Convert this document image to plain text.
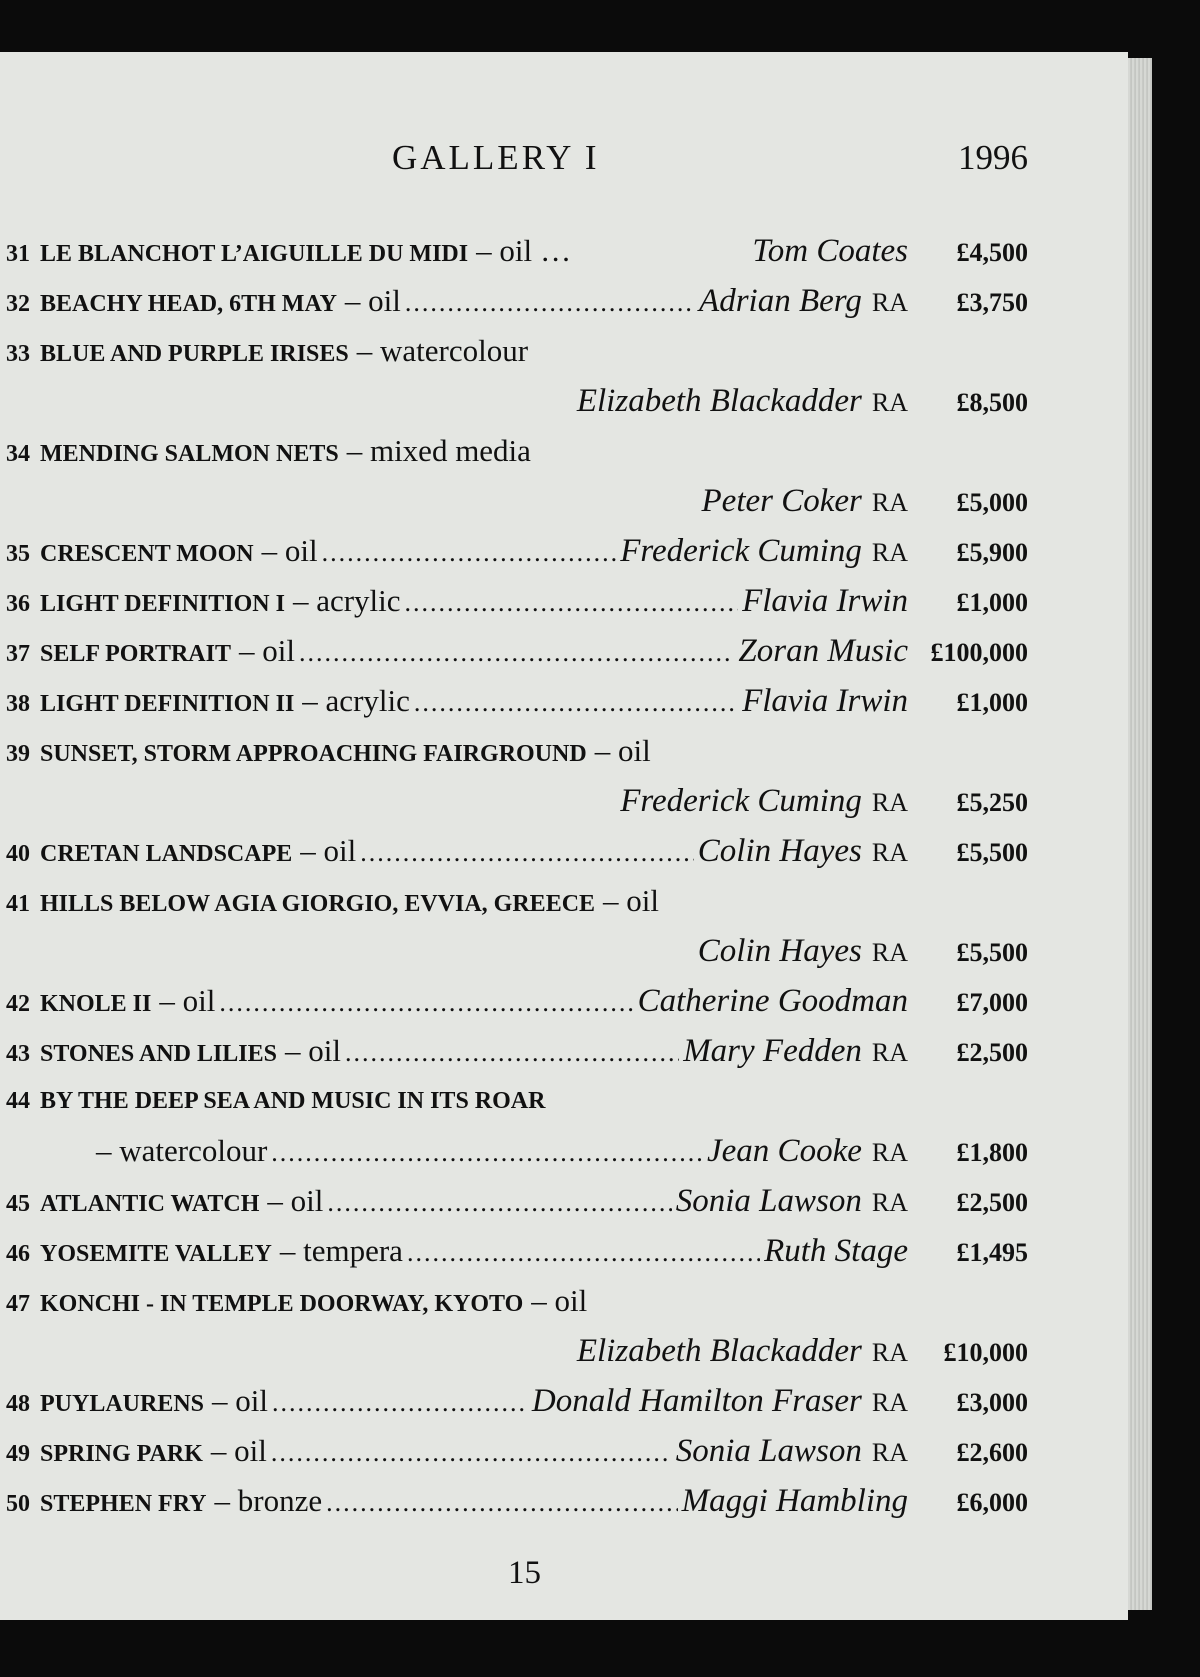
GALLERY I	1996
31 LE BLANCHOT L’AIGUILLE DU MIDI – oil …	Tom Coates	£4,500
32 BEACHY HEAD, 6TH MAY – oil .....	Adrian Berg RA	£3,750
33 BLUE AND PURPLE IRISES – watercolour
Elizabeth Blackadder RA	£8,500
34 MENDING SALMON NETS – mixed media
Peter Coker RA	£5,000
35 CRESCENT MOON – oil .....	Frederick Cuming RA	£5,900
36 LIGHT DEFINITION I – acrylic .....	Flavia Irwin	£1,000
37 SELF PORTRAIT – oil .....	Zoran Music £100,000
38 LIGHT DEFINITION II – acrylic .....	Flavia Irwin	£1,000
39 SUNSET, STORM APPROACHING FAIRGROUND – oil
Frederick Cuming RA	£5,250
40 CRETAN LANDSCAPE – oil .....	Colin Hayes RA	£5,500
41 HILLS BELOW AGIA GIORGIO, EVVIA, GREECE – oil
Colin Hayes RA	£5,500
42 KNOLE II – oil .....	Catherine Goodman	£7,000
43 STONES AND LILIES – oil .....	Mary Fedden RA	£2,500
44 BY THE DEEP SEA AND MUSIC IN ITS ROAR
– watercolour .....	Jean Cooke RA	£1,800
45 ATLANTIC WATCH – oil .....	Sonia Lawson RA	£2,500
46 YOSEMITE VALLEY – tempera .....	Ruth Stage	£1,495
47 KONCHI - IN TEMPLE DOORWAY, KYOTO – oil
Elizabeth Blackadder RA	£10,000
48 PUYLAURENS – oil .....	Donald Hamilton Fraser RA	£3,000
49 SPRING PARK – oil .....	Sonia Lawson RA	£2,600
50 STEPHEN FRY – bronze .....	Maggi Hambling	£6,000
15
